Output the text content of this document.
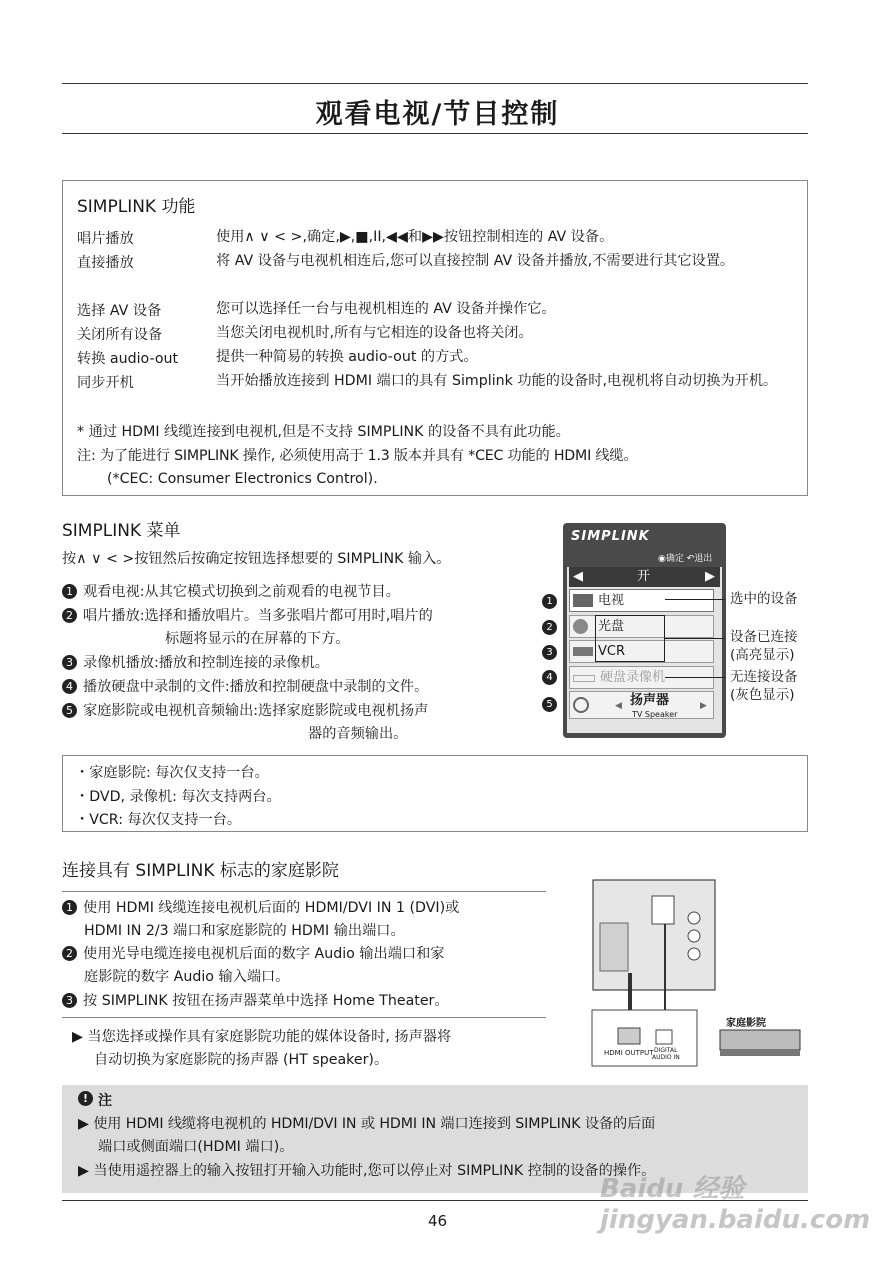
观看电视/节目控制
SIMPLINK 功能
唱片播放	使用∧ ∨ < >,确定,▶,■,II,◀◀和▶▶按钮控制相连的 AV 设备。
直接播放	将 AV 设备与电视机相连后,您可以直接控制 AV 设备并播放,不需要进行其它设置。
选择 AV 设备	您可以选择任一台与电视机相连的 AV 设备并操作它。
关闭所有设备	当您关闭电视机时,所有与它相连的设备也将关闭。
转换 audio-out	提供一种简易的转换 audio-out 的方式。
同步开机	当开始播放连接到 HDMI 端口的具有 Simplink 功能的设备时,电视机将自动切换为开机。
* 通过 HDMI 线缆连接到电视机,但是不支持 SIMPLINK 的设备不具有此功能。
注: 为了能进行 SIMPLINK 操作, 必须使用高于 1.3 版本并具有 *CEC 功能的 HDMI 线缆。
(*CEC: Consumer Electronics Control).
SIMPLINK 菜单
按∧ ∨ < >按钮然后按确定按钮选择想要的 SIMPLINK 输入。
1 观看电视:从其它模式切换到之前观看的电视节目。
2 唱片播放:选择和播放唱片。当多张唱片都可用时,唱片的
标题将显示的在屏幕的下方。
3 录像机播放:播放和控制连接的录像机。
4 播放硬盘中录制的文件:播放和控制硬盘中录制的文件。
5 家庭影院或电视机音频输出:选择家庭影院或电视机扬声
器的音频输出。
SIMPLINK
◉确定 ↶退出
◀	开	▶
电视
光盘
VCR
硬盘录像机
◀ 扬声器
TV Speaker
▶
1
2
3
4
5
选中的设备
设备已连接
(高亮显示)
无连接设备
(灰色显示)
・家庭影院: 每次仅支持一台。
・DVD, 录像机: 每次支持两台。
・VCR: 每次仅支持一台。
连接具有 SIMPLINK 标志的家庭影院
1 使用 HDMI 线缆连接电视机后面的 HDMI/DVI IN 1 (DVI)或
HDMI IN 2/3 端口和家庭影院的 HDMI 输出端口。
2 使用光导电缆连接电视机后面的数字 Audio 输出端口和家
庭影院的数字 Audio 输入端口。
3 按 SIMPLINK 按钮在扬声器菜单中选择 Home Theater。
▶ 当您选择或操作具有家庭影院功能的媒体设备时, 扬声器将
自动切换为家庭影院的扬声器 (HT speaker)。
家庭影院
HDMI OUTPUT DIGITAL
AUDIO IN
! 注
▶ 使用 HDMI 线缆将电视机的 HDMI/DVI IN 或 HDMI IN 端口连接到 SIMPLINK 设备的后面
端口或侧面端口(HDMI 端口)。
▶ 当使用遥控器上的输入按钮打开输入功能时,您可以停止对 SIMPLINK 控制的设备的操作。
46
Baidu 经验 jingyan.baidu.com
